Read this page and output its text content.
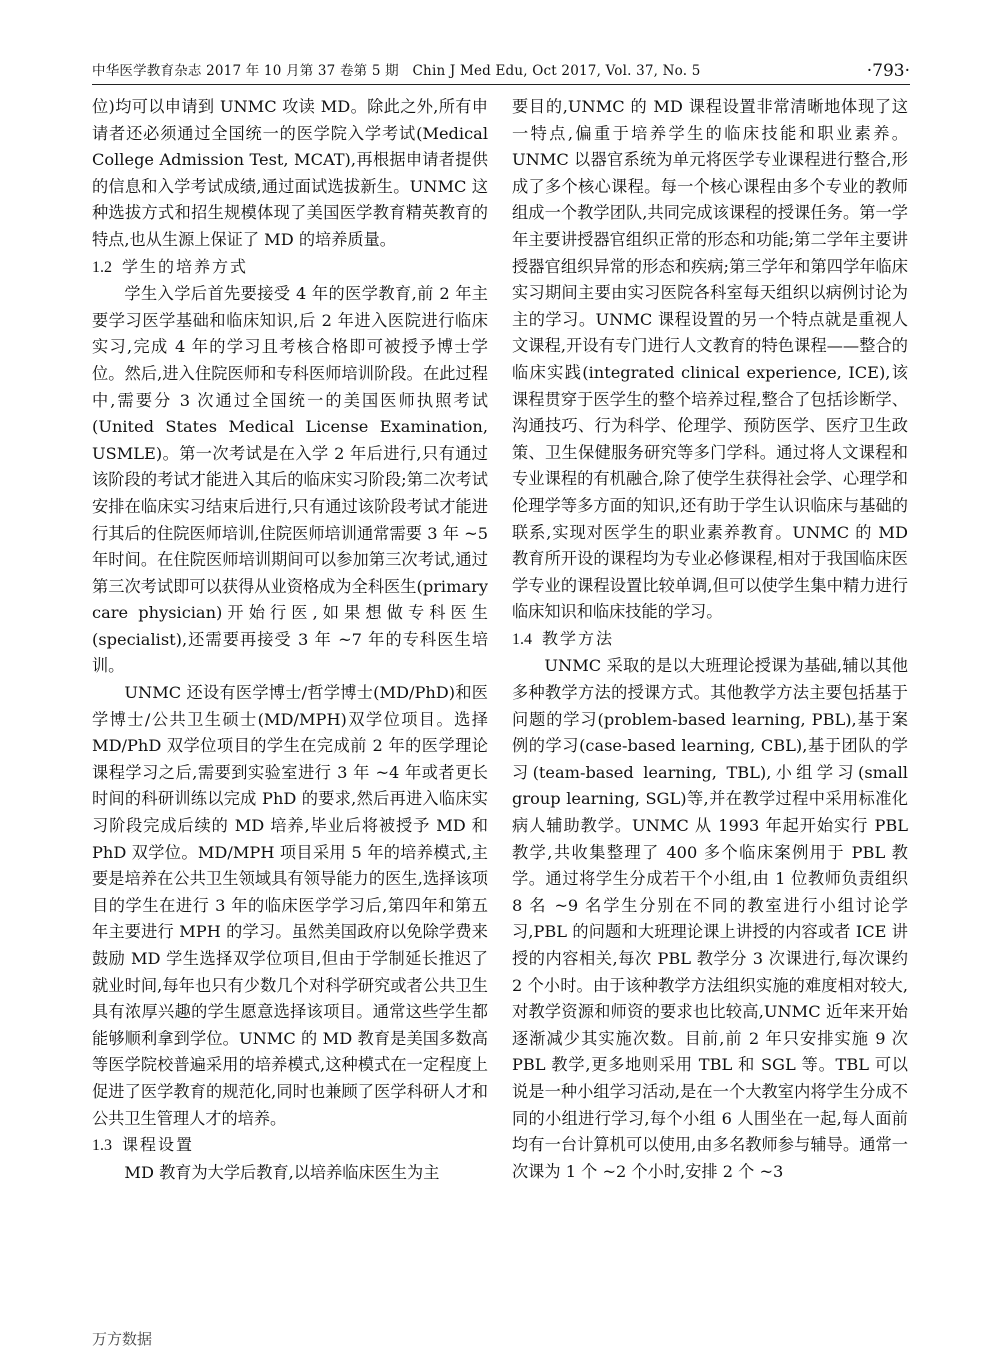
中华医学教育杂志 2017 年 10 月第 37 卷第 5 期　Chin J Med Edu, Oct 2017, Vol. 37, No. 5	·793·

位)均可以申请到 UNMC 攻读 MD。除此之外,所有申请者还必须通过全国统一的医学院入学考试(Medical College Admission Test, MCAT),再根据申请者提供的信息和入学考试成绩,通过面试选拔新生。UNMC 这种选拔方式和招生规模体现了美国医学教育精英教育的特点,也从生源上保证了 MD 的培养质量。

1.2 学生的培养方式

学生入学后首先要接受 4 年的医学教育,前 2 年主要学习医学基础和临床知识,后 2 年进入医院进行临床实习,完成 4 年的学习且考核合格即可被授予博士学位。然后,进入住院医师和专科医师培训阶段。在此过程中,需要分 3 次通过全国统一的美国医师执照考试(United States Medical License Examination, USMLE)。第一次考试是在入学 2 年后进行,只有通过该阶段的考试才能进入其后的临床实习阶段;第二次考试安排在临床实习结束后进行,只有通过该阶段考试才能进行其后的住院医师培训,住院医师培训通常需要 3 年 ~5 年时间。在住院医师培训期间可以参加第三次考试,通过第三次考试即可以获得从业资格成为全科医生(primary care physician)开始行医,如果想做专科医生(specialist),还需要再接受 3 年 ~7 年的专科医生培训。

UNMC 还设有医学博士/哲学博士(MD/PhD)和医学博士/公共卫生硕士(MD/MPH)双学位项目。选择 MD/PhD 双学位项目的学生在完成前 2 年的医学理论课程学习之后,需要到实验室进行 3 年 ~4 年或者更长时间的科研训练以完成 PhD 的要求,然后再进入临床实习阶段完成后续的 MD 培养,毕业后将被授予 MD 和 PhD 双学位。MD/MPH 项目采用 5 年的培养模式,主要是培养在公共卫生领域具有领导能力的医生,选择该项目的学生在进行 3 年的临床医学学习后,第四年和第五年主要进行 MPH 的学习。虽然美国政府以免除学费来鼓励 MD 学生选择双学位项目,但由于学制延长推迟了就业时间,每年也只有少数几个对科学研究或者公共卫生具有浓厚兴趣的学生愿意选择该项目。通常这些学生都能够顺利拿到学位。UNMC 的 MD 教育是美国多数高等医学院校普遍采用的培养模式,这种模式在一定程度上促进了医学教育的规范化,同时也兼顾了医学科研人才和公共卫生管理人才的培养。

1.3 课程设置

MD 教育为大学后教育,以培养临床医生为主

要目的,UNMC 的 MD 课程设置非常清晰地体现了这一特点,偏重于培养学生的临床技能和职业素养。UNMC 以器官系统为单元将医学专业课程进行整合,形成了多个核心课程。每一个核心课程由多个专业的教师组成一个教学团队,共同完成该课程的授课任务。第一学年主要讲授器官组织正常的形态和功能;第二学年主要讲授器官组织异常的形态和疾病;第三学年和第四学年临床实习期间主要由实习医院各科室每天组织以病例讨论为主的学习。UNMC 课程设置的另一个特点就是重视人文课程,开设有专门进行人文教育的特色课程——整合的临床实践(integrated clinical experience, ICE),该课程贯穿于医学生的整个培养过程,整合了包括诊断学、沟通技巧、行为科学、伦理学、预防医学、医疗卫生政策、卫生保健服务研究等多门学科。通过将人文课程和专业课程的有机融合,除了使学生获得社会学、心理学和伦理学等多方面的知识,还有助于学生认识临床与基础的联系,实现对医学生的职业素养教育。UNMC 的 MD 教育所开设的课程均为专业必修课程,相对于我国临床医学专业的课程设置比较单调,但可以使学生集中精力进行临床知识和临床技能的学习。

1.4 教学方法

UNMC 采取的是以大班理论授课为基础,辅以其他多种教学方法的授课方式。其他教学方法主要包括基于问题的学习(problem-based learning, PBL),基于案例的学习(case-based learning, CBL),基于团队的学习(team-based learning, TBL),小组学习(small group learning, SGL)等,并在教学过程中采用标准化病人辅助教学。UNMC 从 1993 年起开始实行 PBL 教学,共收集整理了 400 多个临床案例用于 PBL 教学。通过将学生分成若干个小组,由 1 位教师负责组织 8 名 ~9 名学生分别在不同的教室进行小组讨论学习,PBL 的问题和大班理论课上讲授的内容或者 ICE 讲授的内容相关,每次 PBL 教学分 3 次课进行,每次课约 2 个小时。由于该种教学方法组织实施的难度相对较大,对教学资源和师资的要求也比较高,UNMC 近年来开始逐渐减少其实施次数。目前,前 2 年只安排实施 9 次 PBL 教学,更多地则采用 TBL 和 SGL 等。TBL 可以说是一种小组学习活动,是在一个大教室内将学生分成不同的小组进行学习,每个小组 6 人围坐在一起,每人面前均有一台计算机可以使用,由多名教师参与辅导。通常一次课为 1 个 ~2 个小时,安排 2 个 ~3

万方数据
